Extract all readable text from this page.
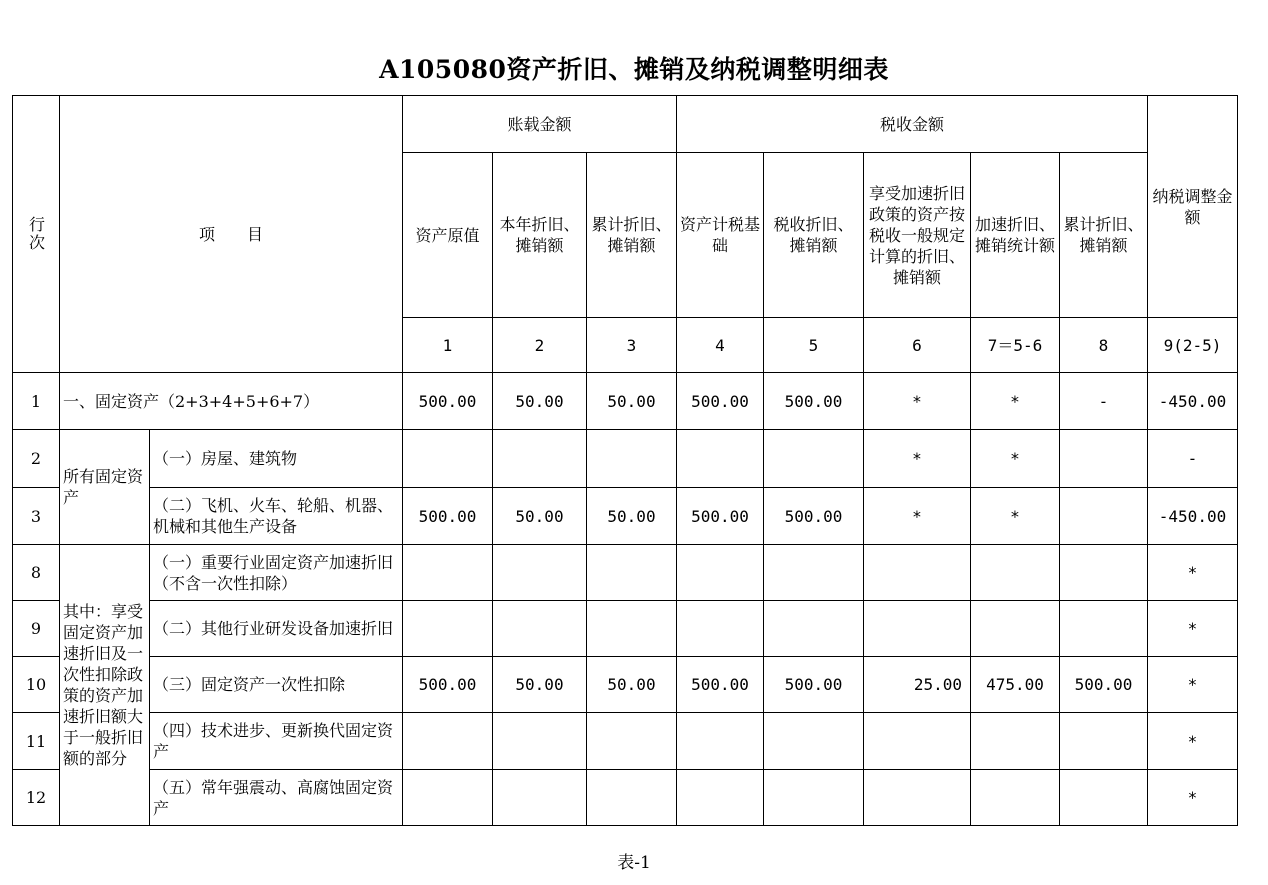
A105080资产折旧、摊销及纳税调整明细表
行次	项　　目		账载金额			税收金额					纳税调整金额
			资产原值	本年折旧、摊销额	累计折旧、摊销额	资产计税基础	税收折旧、摊销额	享受加速折旧政策的资产按税收一般规定计算的折旧、摊销额	加速折旧、摊销统计额	累计折旧、摊销额	
			1	2	3	4	5	6	7＝5-6	8	9(2-5)
1	一、固定资产（2+3+4+5+6+7）		500.00	50.00	50.00	500.00	500.00	*	*	-	-450.00
2	所有固定资产	（一）房屋、建筑物						*	*		-
3		（二）飞机、火车、轮船、机器、机械和其他生产设备	500.00	50.00	50.00	500.00	500.00	*	*		-450.00
8	其中：享受固定资产加速折旧及一次性扣除政策的资产加速折旧额大于一般折旧额的部分	（一）重要行业固定资产加速折旧（不含一次性扣除）									*
9		（二）其他行业研发设备加速折旧									*
10		（三）固定资产一次性扣除	500.00	50.00	50.00	500.00	500.00	25.00	475.00	500.00	*
11		（四）技术进步、更新换代固定资产									*
12		（五）常年强震动、高腐蚀固定资产									*
表-1
